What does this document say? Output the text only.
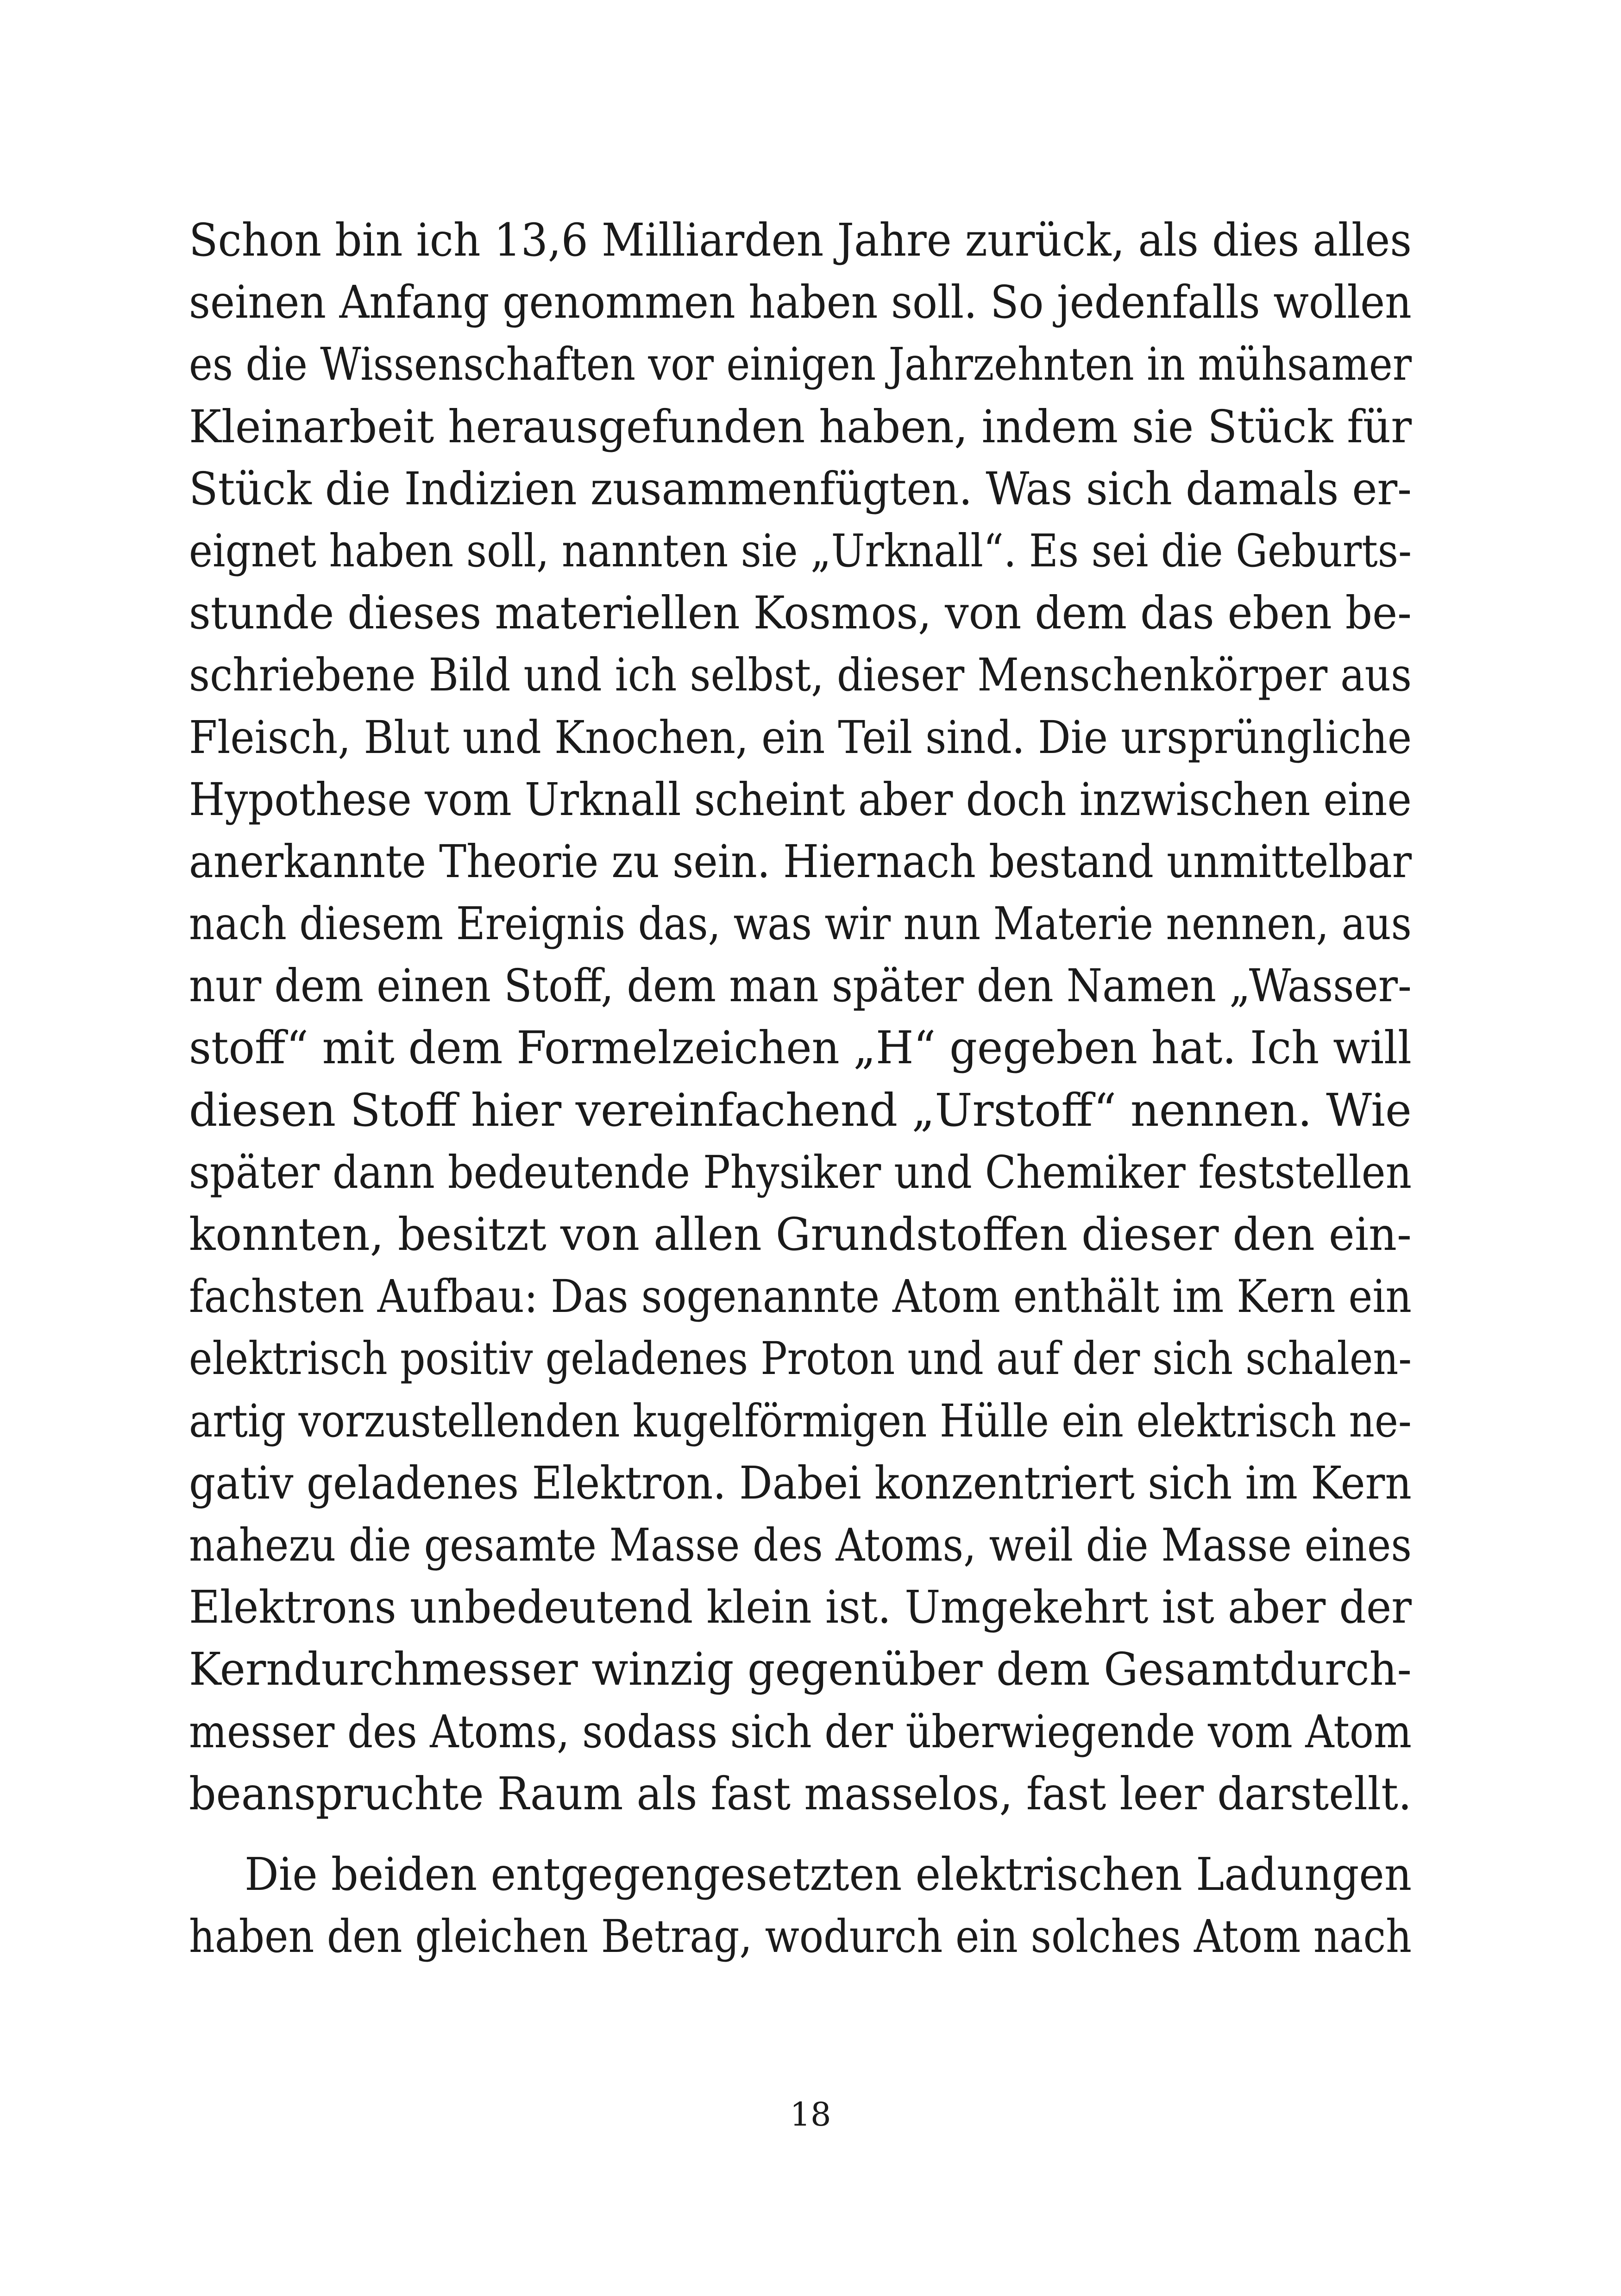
Schon bin ich 13,6 Milliarden Jahre zurück, als dies alles
seinen Anfang genommen haben soll. So jedenfalls wollen
es die Wissenschaften vor einigen Jahrzehnten in mühsamer
Kleinarbeit herausgefunden haben, indem sie Stück für
Stück die Indizien zusammenfügten. Was sich damals er-
eignet haben soll, nannten sie „Urknall“. Es sei die Geburts-
stunde dieses materiellen Kosmos, von dem das eben be-
schriebene Bild und ich selbst, dieser Menschenkörper aus
Fleisch, Blut und Knochen, ein Teil sind. Die ursprüngliche
Hypothese vom Urknall scheint aber doch inzwischen eine
anerkannte Theorie zu sein. Hiernach bestand unmittelbar
nach diesem Ereignis das, was wir nun Materie nennen, aus
nur dem einen Stoff, dem man später den Namen „Wasser-
stoff“ mit dem Formelzeichen „H“ gegeben hat. Ich will
diesen Stoff hier vereinfachend „Urstoff“ nennen. Wie
später dann bedeutende Physiker und Chemiker feststellen
konnten, besitzt von allen Grundstoffen dieser den ein-
fachsten Aufbau: Das sogenannte Atom enthält im Kern ein
elektrisch positiv geladenes Proton und auf der sich schalen-
artig vorzustellenden kugelförmigen Hülle ein elektrisch ne-
gativ geladenes Elektron. Dabei konzentriert sich im Kern
nahezu die gesamte Masse des Atoms, weil die Masse eines
Elektrons unbedeutend klein ist. Umgekehrt ist aber der
Kerndurchmesser winzig gegenüber dem Gesamtdurch-
messer des Atoms, sodass sich der überwiegende vom Atom
beanspruchte Raum als fast masselos, fast leer darstellt.
Die beiden entgegengesetzten elektrischen Ladungen
haben den gleichen Betrag, wodurch ein solches Atom nach
18
